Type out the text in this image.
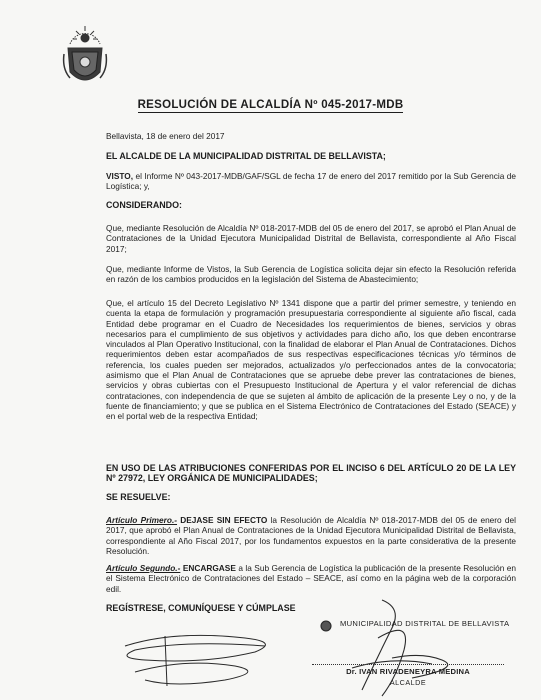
RESOLUCIÓN DE ALCALDÍA Nº 045-2017-MDB
Bellavista, 18 de enero del 2017
EL ALCALDE DE LA MUNICIPALIDAD DISTRITAL DE BELLAVISTA;
VISTO, el Informe Nº 043-2017-MDB/GAF/SGL de fecha 17 de enero del 2017 remitido por la Sub Gerencia de Logística; y,
CONSIDERANDO:
Que, mediante Resolución de Alcaldía Nº 018-2017-MDB del 05 de enero del 2017, se aprobó el Plan Anual de Contrataciones de la Unidad Ejecutora Municipalidad Distrital de Bellavista, correspondiente al Año Fiscal 2017;
Que, mediante Informe de Vistos, la Sub Gerencia de Logística solicita dejar sin efecto la Resolución referida en razón de los cambios producidos en la legislación del Sistema de Abastecimiento;
Que, el artículo 15 del Decreto Legislativo Nº 1341 dispone que a partir del primer semestre, y teniendo en cuenta la etapa de formulación y programación presupuestaria correspondiente al siguiente año fiscal, cada Entidad debe programar en el Cuadro de Necesidades los requerimientos de bienes, servicios y obras necesarios para el cumplimiento de sus objetivos y actividades para dicho año, los que deben encontrarse vinculados al Plan Operativo Institucional, con la finalidad de elaborar el Plan Anual de Contrataciones. Dichos requerimientos deben estar acompañados de sus respectivas especificaciones técnicas y/o términos de referencia, los cuales pueden ser mejorados, actualizados y/o perfeccionados antes de la convocatoria; asimismo que el Plan Anual de Contrataciones que se apruebe debe prever las contrataciones de bienes, servicios y obras cubiertas con el Presupuesto Institucional de Apertura y el valor referencial de dichas contrataciones, con independencia de que se sujeten al ámbito de aplicación de la presente Ley o no, y de la fuente de financiamiento; y que se publica en el Sistema Electrónico de Contrataciones del Estado (SEACE) y en el portal web de la respectiva Entidad;
EN USO DE LAS ATRIBUCIONES CONFERIDAS POR EL INCISO 6 DEL ARTÍCULO 20 DE LA LEY Nº 27972, LEY ORGÁNICA DE MUNICIPALIDADES;
SE RESUELVE:
Artículo Primero.- DEJASE SIN EFECTO la Resolución de Alcaldía Nº 018-2017-MDB del 05 de enero del 2017, que aprobó el Plan Anual de Contrataciones de la Unidad Ejecutora Municipalidad Distrital de Bellavista, correspondiente al Año Fiscal 2017, por los fundamentos expuestos en la parte considerativa de la presente Resolución.
Artículo Segundo.- ENCARGASE a la Sub Gerencia de Logística la publicación de la presente Resolución en el Sistema Electrónico de Contrataciones del Estado – SEACE, así como en la página web de la corporación edil.
REGÍSTRESE, COMUNÍQUESE Y CÚMPLASE
MUNICIPALIDAD DISTRITAL DE BELLAVISTA
Dr. IVAN RIVADENEYRA MEDINA
ALCALDE
